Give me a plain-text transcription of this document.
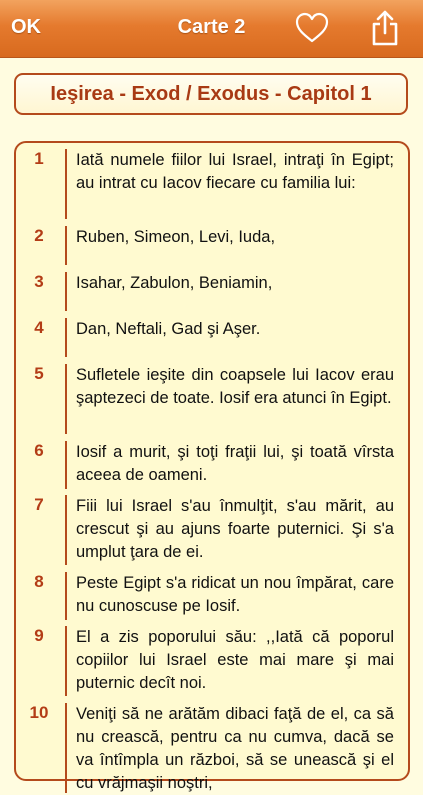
OK	Carte 2
Ieşirea - Exod / Exodus - Capitol 1
1	Iată numele fiilor lui Israel, intraţi în Egipt; au intrat cu Iacov fiecare cu familia lui:
2	Ruben, Simeon, Levi, Iuda,
3	Isahar, Zabulon, Beniamin,
4	Dan, Neftali, Gad şi Aşer.
5	Sufletele ieşite din coapsele lui Iacov erau şaptezeci de toate. Iosif era atunci în Egipt.
6	Iosif a murit, şi toţi fraţii lui, şi toată vîrsta aceea de oameni.
7	Fiii lui Israel s'au înmulţit, s'au mărit, au crescut şi au ajuns foarte puternici. Şi s'a umplut ţara de ei.
8	Peste Egipt s'a ridicat un nou împărat, care nu cunoscuse pe Iosif.
9	El a zis poporului său: ,,Iată că poporul copiilor lui Israel este mai mare şi mai puternic decît noi.
10	Veniţi să ne arătăm dibaci faţă de el, ca să nu crească, pentru ca nu cumva, dacă se va întîmpla un război, să se unească şi el cu vrăjmaşii noştri,
